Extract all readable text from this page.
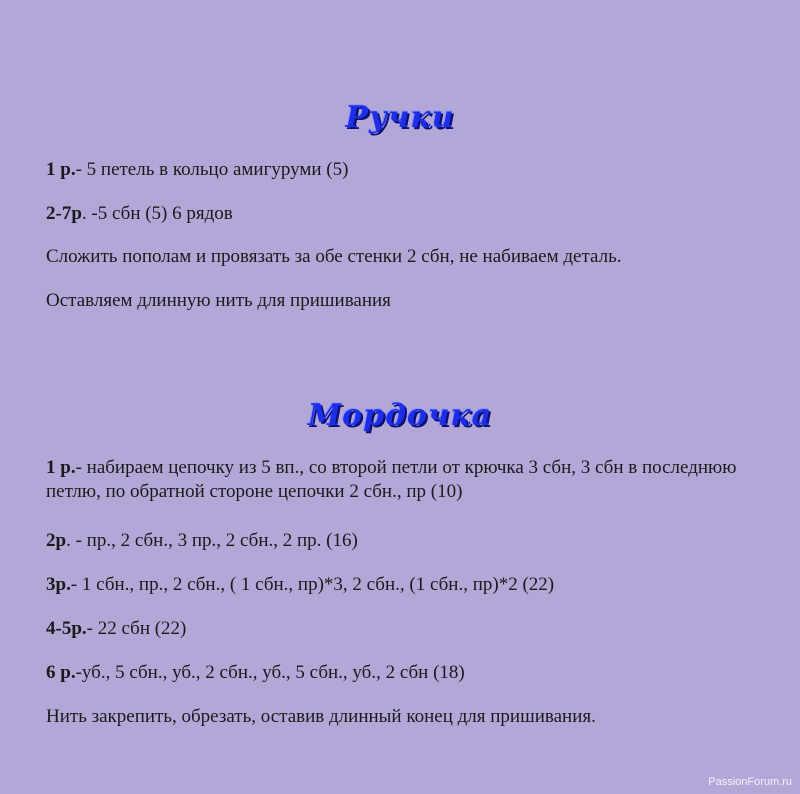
Ручки
1 р.- 5 петель в кольцо амигуруми (5)
2-7р. -5 сбн (5) 6 рядов
Сложить пополам и провязать за обе стенки 2 сбн, не набиваем деталь.
Оставляем длинную нить для пришивания
Мордочка
1 р.- набираем цепочку из 5 вп., со второй петли от крючка 3 сбн, 3 сбн в последнюю петлю, по обратной стороне цепочки 2 сбн., пр (10)
2р. - пр., 2 сбн., 3 пр., 2 сбн., 2 пр. (16)
3р.- 1 сбн., пр., 2 сбн., ( 1 сбн., пр)*3, 2 сбн., (1 сбн., пр)*2 (22)
4-5р.- 22 сбн (22)
6 р.-уб., 5 сбн., уб., 2 сбн., уб., 5 сбн., уб., 2 сбн (18)
Нить закрепить, обрезать, оставив длинный конец для пришивания.
PassionForum.ru
